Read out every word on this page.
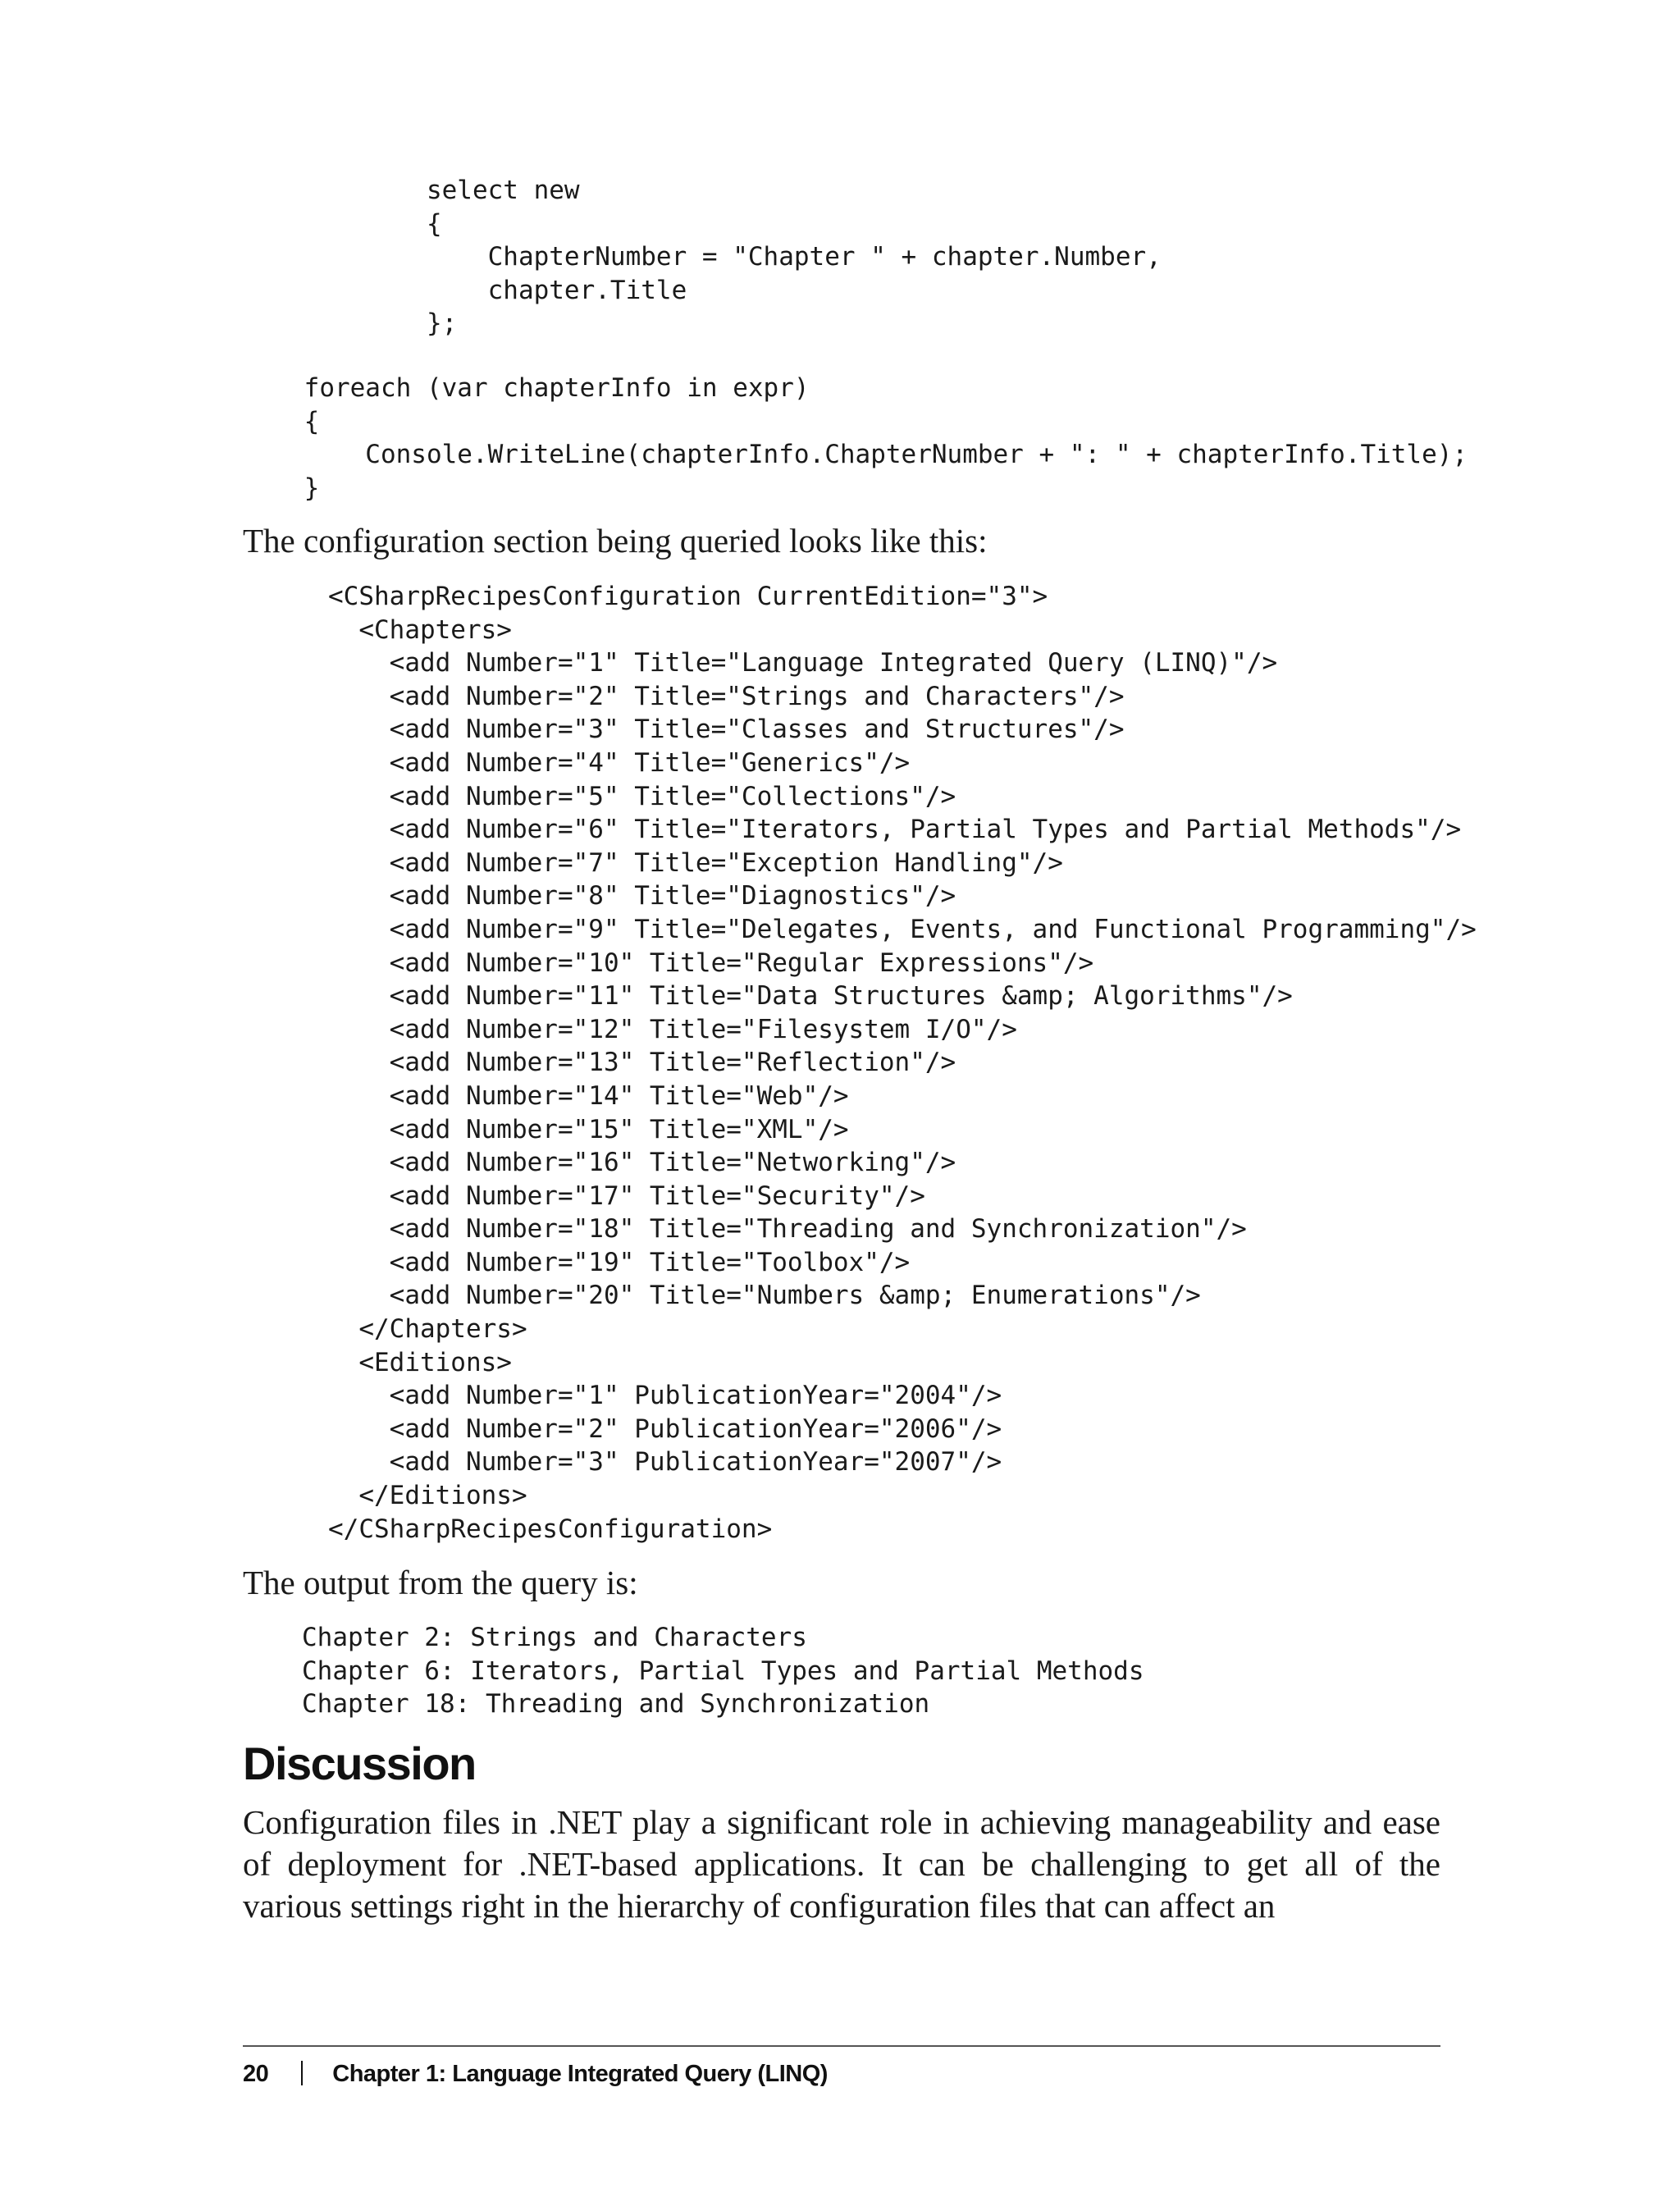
select new
{
ChapterNumber = "Chapter " + chapter.Number,
chapter.Title
};
foreach (var chapterInfo in expr)
{
Console.WriteLine(chapterInfo.ChapterNumber + ": " + chapterInfo.Title);
}
The configuration section being queried looks like this:
<CSharpRecipesConfiguration CurrentEdition="3">
<Chapters>
<add Number="1" Title="Language Integrated Query (LINQ)"/>
<add Number="2" Title="Strings and Characters"/>
<add Number="3" Title="Classes and Structures"/>
<add Number="4" Title="Generics"/>
<add Number="5" Title="Collections"/>
<add Number="6" Title="Iterators, Partial Types and Partial Methods"/>
<add Number="7" Title="Exception Handling"/>
<add Number="8" Title="Diagnostics"/>
<add Number="9" Title="Delegates, Events, and Functional Programming"/>
<add Number="10" Title="Regular Expressions"/>
<add Number="11" Title="Data Structures &amp; Algorithms"/>
<add Number="12" Title="Filesystem I/O"/>
<add Number="13" Title="Reflection"/>
<add Number="14" Title="Web"/>
<add Number="15" Title="XML"/>
<add Number="16" Title="Networking"/>
<add Number="17" Title="Security"/>
<add Number="18" Title="Threading and Synchronization"/>
<add Number="19" Title="Toolbox"/>
<add Number="20" Title="Numbers &amp; Enumerations"/>
</Chapters>
<Editions>
<add Number="1" PublicationYear="2004"/>
<add Number="2" PublicationYear="2006"/>
<add Number="3" PublicationYear="2007"/>
</Editions>
</CSharpRecipesConfiguration>
The output from the query is:
Chapter 2: Strings and Characters
Chapter 6: Iterators, Partial Types and Partial Methods
Chapter 18: Threading and Synchronization
Discussion
Configuration files in .NET play a significant role in achieving manageability and ease of deployment for .NET-based applications. It can be challenging to get all of the various settings right in the hierarchy of configuration files that can affect an
20	Chapter 1: Language Integrated Query (LINQ)
